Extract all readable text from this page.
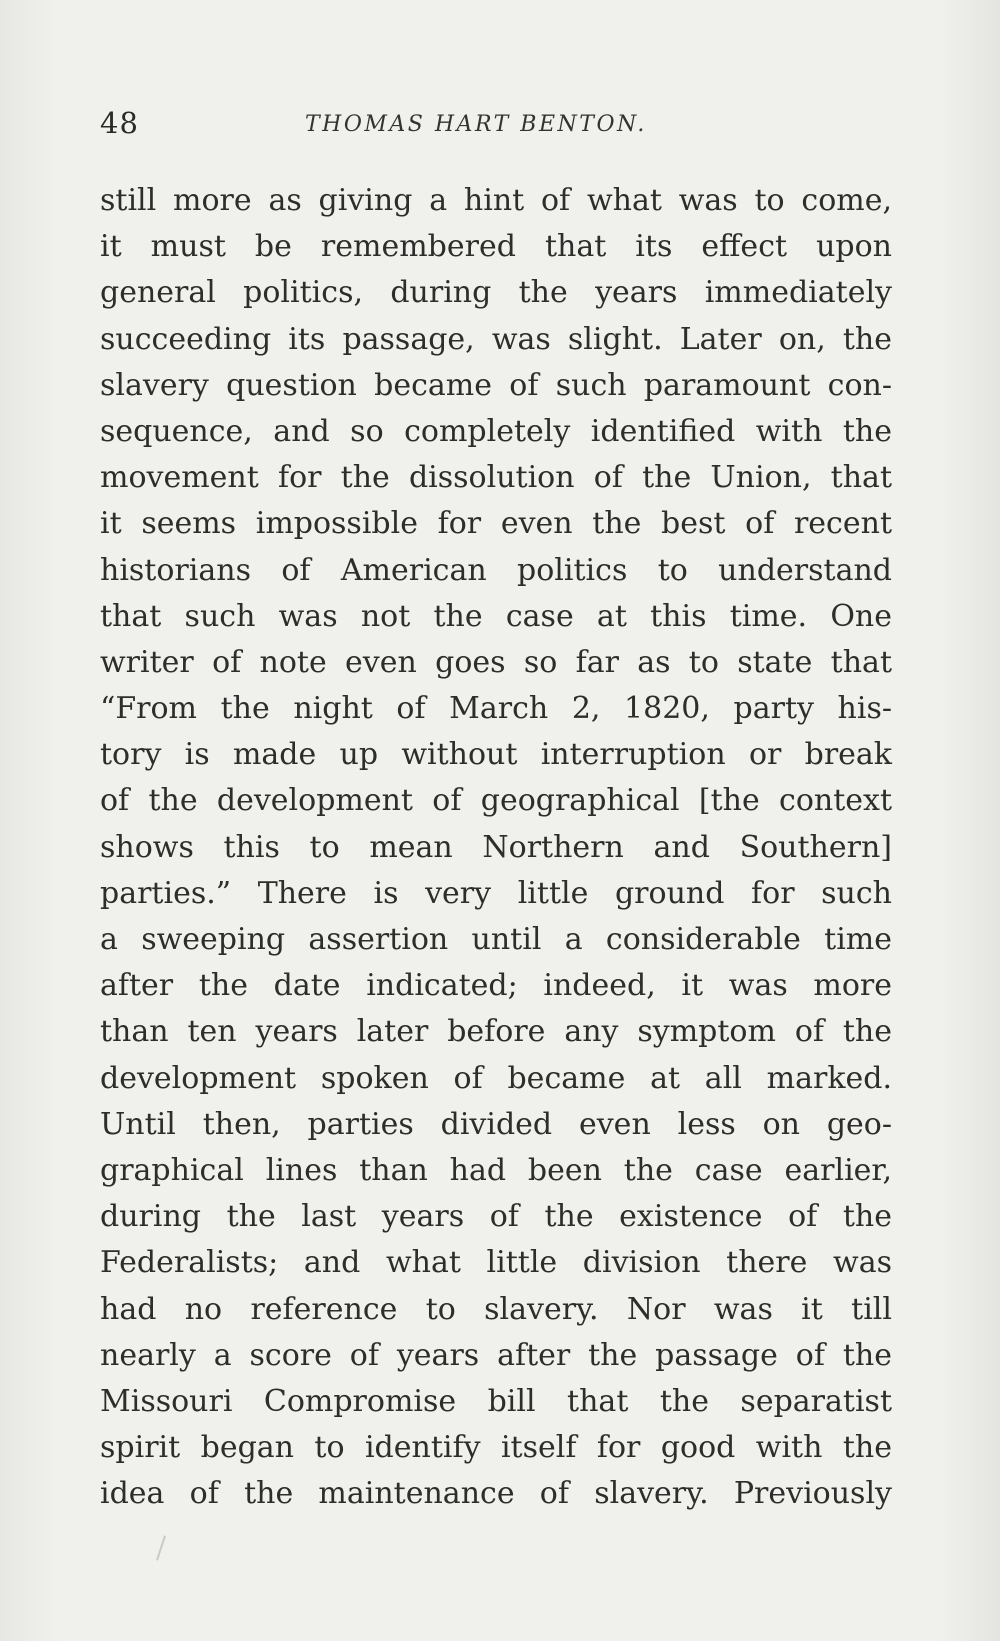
48	THOMAS HART BENTON.
still more as giving a hint of what was to come,
it must be remembered that its effect upon
general politics, during the years immediately
succeeding its passage, was slight. Later on, the
slavery question became of such paramount con-
sequence, and so completely identified with the
movement for the dissolution of the Union, that
it seems impossible for even the best of recent
historians of American politics to understand
that such was not the case at this time. One
writer of note even goes so far as to state that
“From the night of March 2, 1820, party his-
tory is made up without interruption or break
of the development of geographical [the context
shows this to mean Northern and Southern]
parties.” There is very little ground for such
a sweeping assertion until a considerable time
after the date indicated; indeed, it was more
than ten years later before any symptom of the
development spoken of became at all marked.
Until then, parties divided even less on geo-
graphical lines than had been the case earlier,
during the last years of the existence of the
Federalists; and what little division there was
had no reference to slavery. Nor was it till
nearly a score of years after the passage of the
Missouri Compromise bill that the separatist
spirit began to identify itself for good with the
idea of the maintenance of slavery. Previously
